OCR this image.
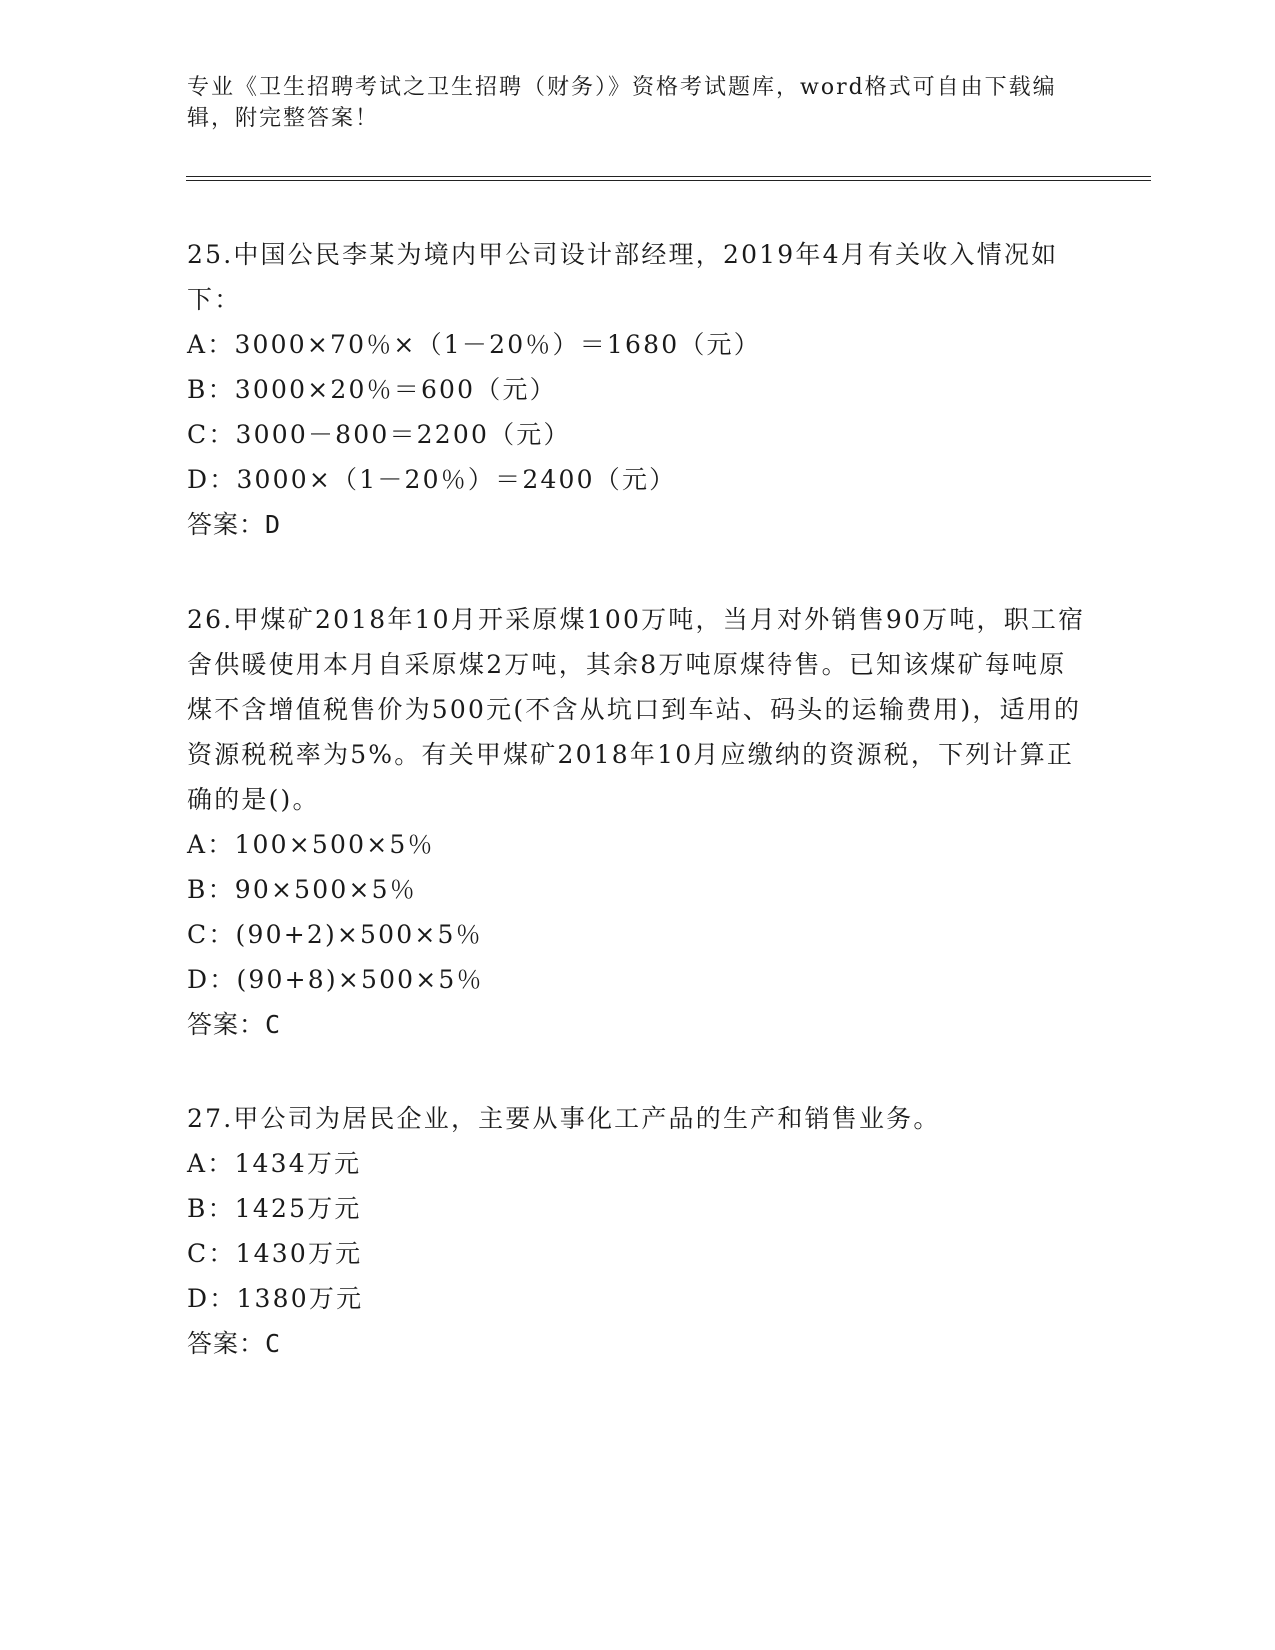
专业《卫生招聘考试之卫生招聘（财务）》资格考试题库，word格式可自由下载编辑，附完整答案！

25.中国公民李某为境内甲公司设计部经理，2019年4月有关收入情况如下：

A：3000×70％×（1－20％）＝1680（元）

B：3000×20％＝600（元）

C：3000－800＝2200（元）

D：3000×（1－20％）＝2400（元）

答案：D

26.甲煤矿2018年10月开采原煤100万吨，当月对外销售90万吨，职工宿舍供暖使用本月自采原煤2万吨，其余8万吨原煤待售。已知该煤矿每吨原煤不含增值税售价为500元(不含从坑口到车站、码头的运输费用)，适用的资源税税率为5%。有关甲煤矿2018年10月应缴纳的资源税，下列计算正确的是()。

A：100×500×5％

B：90×500×5％

C：(90+2)×500×5％

D：(90+8)×500×5％

答案：C

27.甲公司为居民企业，主要从事化工产品的生产和销售业务。

A：1434万元

B：1425万元

C：1430万元

D：1380万元

答案：C
